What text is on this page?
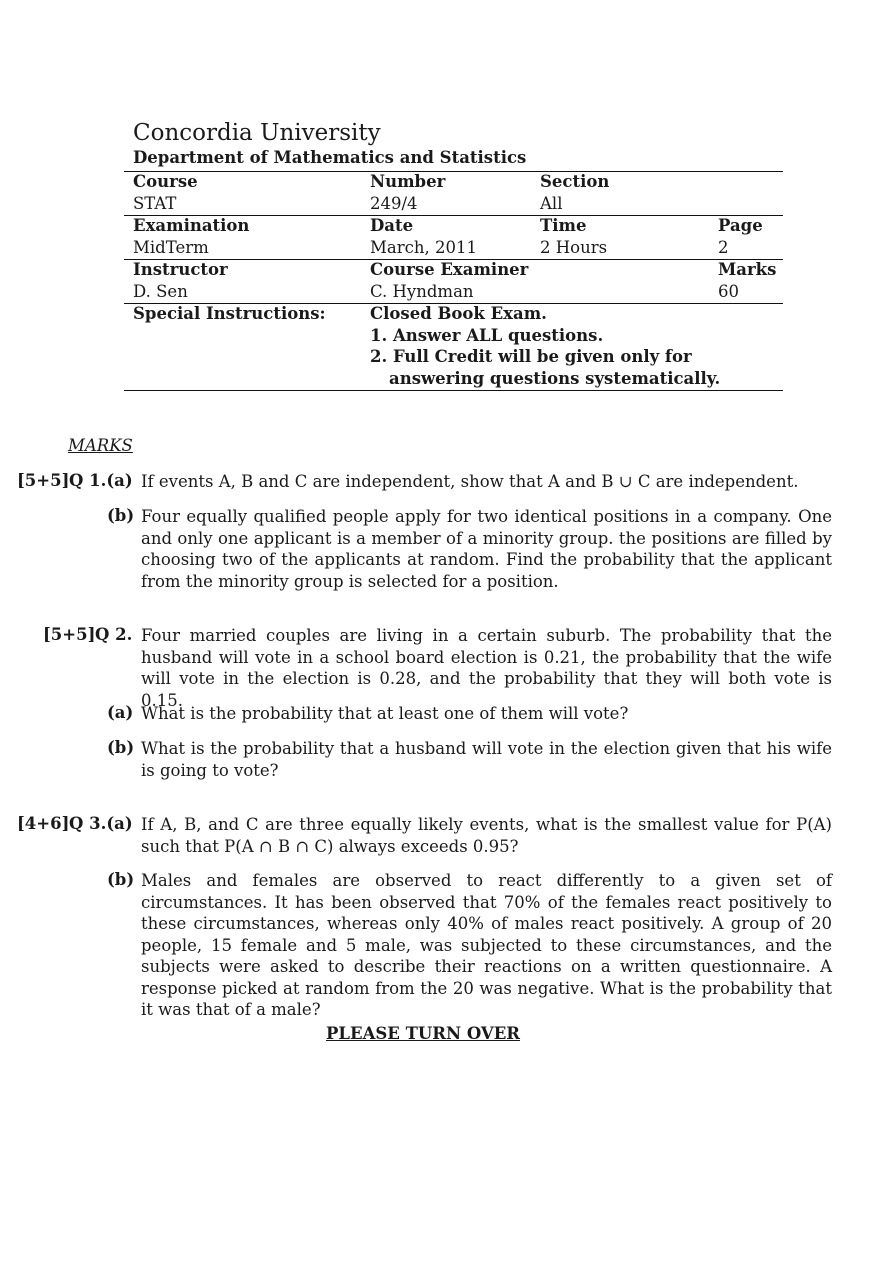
Concordia University
Department of Mathematics and Statistics
Course	Number	Section
STAT	249/4	All
Examination	Date	Time	Page
MidTerm	March, 2011	2 Hours	2
Instructor	Course Examiner	Marks
D. Sen	C. Hyndman	60
Special Instructions:	Closed Book Exam.
1. Answer ALL questions.
2. Full Credit will be given only for
answering questions systematically.
MARKS
[5+5] Q 1.(a) If events A, B and C are independent, show that A and B ∪ C are independent.
(b) Four equally qualified people apply for two identical positions in a company. One and only one applicant is a member of a minority group. the positions are filled by choosing two of the applicants at random. Find the probability that the applicant from the minority group is selected for a position.
[5+5] Q 2. Four married couples are living in a certain suburb. The probability that the husband will vote in a school board election is 0.21, the probability that the wife will vote in the election is 0.28, and the probability that they will both vote is 0.15.
(a) What is the probability that at least one of them will vote?
(b) What is the probability that a husband will vote in the election given that his wife is going to vote?
[4+6] Q 3.(a) If A, B, and C are three equally likely events, what is the smallest value for P(A) such that P(A ∩ B ∩ C) always exceeds 0.95?
(b) Males and females are observed to react differently to a given set of circumstances. It has been observed that 70% of the females react positively to these circumstances, whereas only 40% of males react positively. A group of 20 people, 15 female and 5 male, was subjected to these circumstances, and the subjects were asked to describe their reactions on a written questionnaire. A response picked at random from the 20 was negative. What is the probability that it was that of a male?
PLEASE TURN OVER
